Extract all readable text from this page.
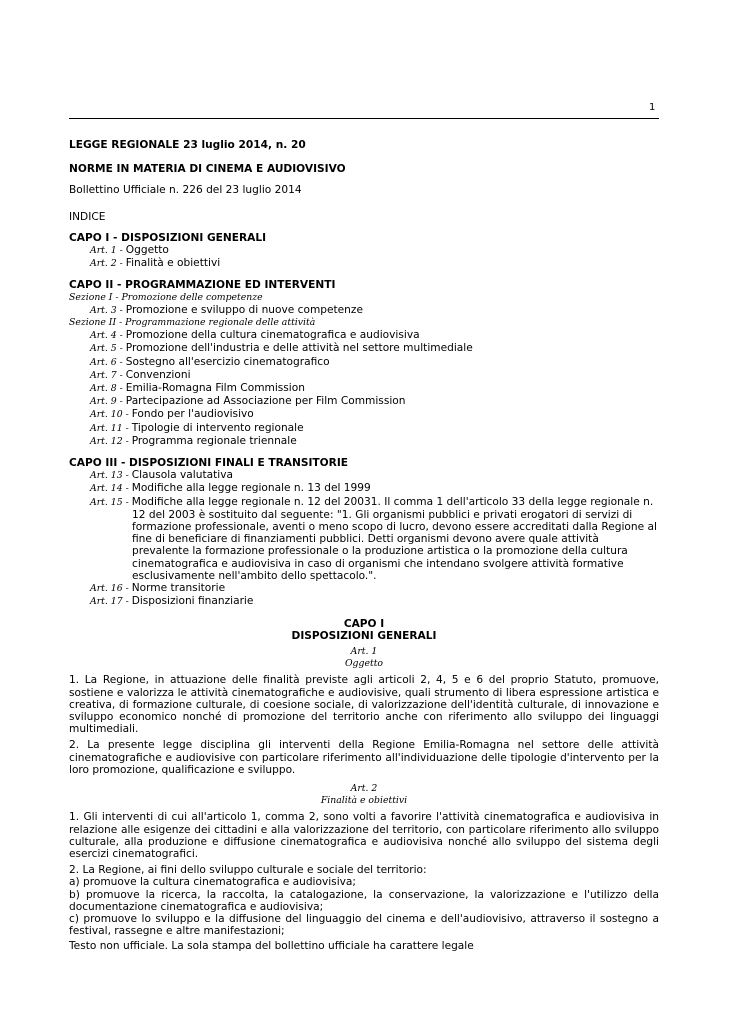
1

LEGGE REGIONALE 23 luglio 2014, n. 20

NORME IN MATERIA DI CINEMA E AUDIOVISIVO

Bollettino Ufficiale n. 226 del 23 luglio 2014
INDICE
CAPO I - DISPOSIZIONI GENERALI
Art. 1 - Oggetto
Art. 2 - Finalità e obiettivi
CAPO II - PROGRAMMAZIONE ED INTERVENTI
Sezione I - Promozione delle competenze
Art. 3 - Promozione e sviluppo di nuove competenze
Sezione II - Programmazione regionale delle attività
Art. 4 - Promozione della cultura cinematografica e audiovisiva
Art. 5 - Promozione dell'industria e delle attività nel settore multimediale
Art. 6 - Sostegno all'esercizio cinematografico
Art. 7 - Convenzioni
Art. 8 - Emilia-Romagna Film Commission
Art. 9 - Partecipazione ad Associazione per Film Commission
Art. 10 - Fondo per l'audiovisivo
Art. 11 - Tipologie di intervento regionale
Art. 12 - Programma regionale triennale
CAPO III - DISPOSIZIONI FINALI E TRANSITORIE
Art. 13 - Clausola valutativa
Art. 14 - Modifiche alla legge regionale n. 13 del 1999
Art. 15 - Modifiche alla legge regionale n. 12 del 20031. Il comma 1 dell'articolo 33 della legge regionale n. 12 del 2003 è sostituito dal seguente: "1. Gli organismi pubblici e privati erogatori di servizi di formazione professionale, aventi o meno scopo di lucro, devono essere accreditati dalla Regione al fine di beneficiare di finanziamenti pubblici. Detti organismi devono avere quale attività prevalente la formazione professionale o la produzione artistica o la promozione della cultura cinematografica e audiovisiva in caso di organismi che intendano svolgere attività formative esclusivamente nell'ambito dello spettacolo.".
Art. 16 - Norme transitorie
Art. 17 - Disposizioni finanziarie
CAPO I
DISPOSIZIONI GENERALI
Art. 1
Oggetto

1. La Regione, in attuazione delle finalità previste agli articoli 2, 4, 5 e 6 del proprio Statuto, promuove, sostiene e valorizza le attività cinematografiche e audiovisive, quali strumento di libera espressione artistica e creativa, di formazione culturale, di coesione sociale, di valorizzazione dell'identità culturale, di innovazione e sviluppo economico nonché di promozione del territorio anche con riferimento allo sviluppo dei linguaggi multimediali.

2. La presente legge disciplina gli interventi della Regione Emilia-Romagna nel settore delle attività cinematografiche e audiovisive con particolare riferimento all'individuazione delle tipologie d'intervento per la loro promozione, qualificazione e sviluppo.

Art. 2
Finalità e obiettivi

1. Gli interventi di cui all'articolo 1, comma 2, sono volti a favorire l'attività cinematografica e audiovisiva in relazione alle esigenze dei cittadini e alla valorizzazione del territorio, con particolare riferimento allo sviluppo culturale, alla produzione e diffusione cinematografica e audiovisiva nonché allo sviluppo del sistema degli esercizi cinematografici.

2. La Regione, ai fini dello sviluppo culturale e sociale del territorio:

a) promuove la cultura cinematografica e audiovisiva;

b) promuove la ricerca, la raccolta, la catalogazione, la conservazione, la valorizzazione e l'utilizzo della documentazione cinematografica e audiovisiva;

c) promuove lo sviluppo e la diffusione del linguaggio del cinema e dell'audiovisivo, attraverso il sostegno a festival, rassegne e altre manifestazioni;

Testo non ufficiale. La sola stampa del bollettino ufficiale ha carattere legale
